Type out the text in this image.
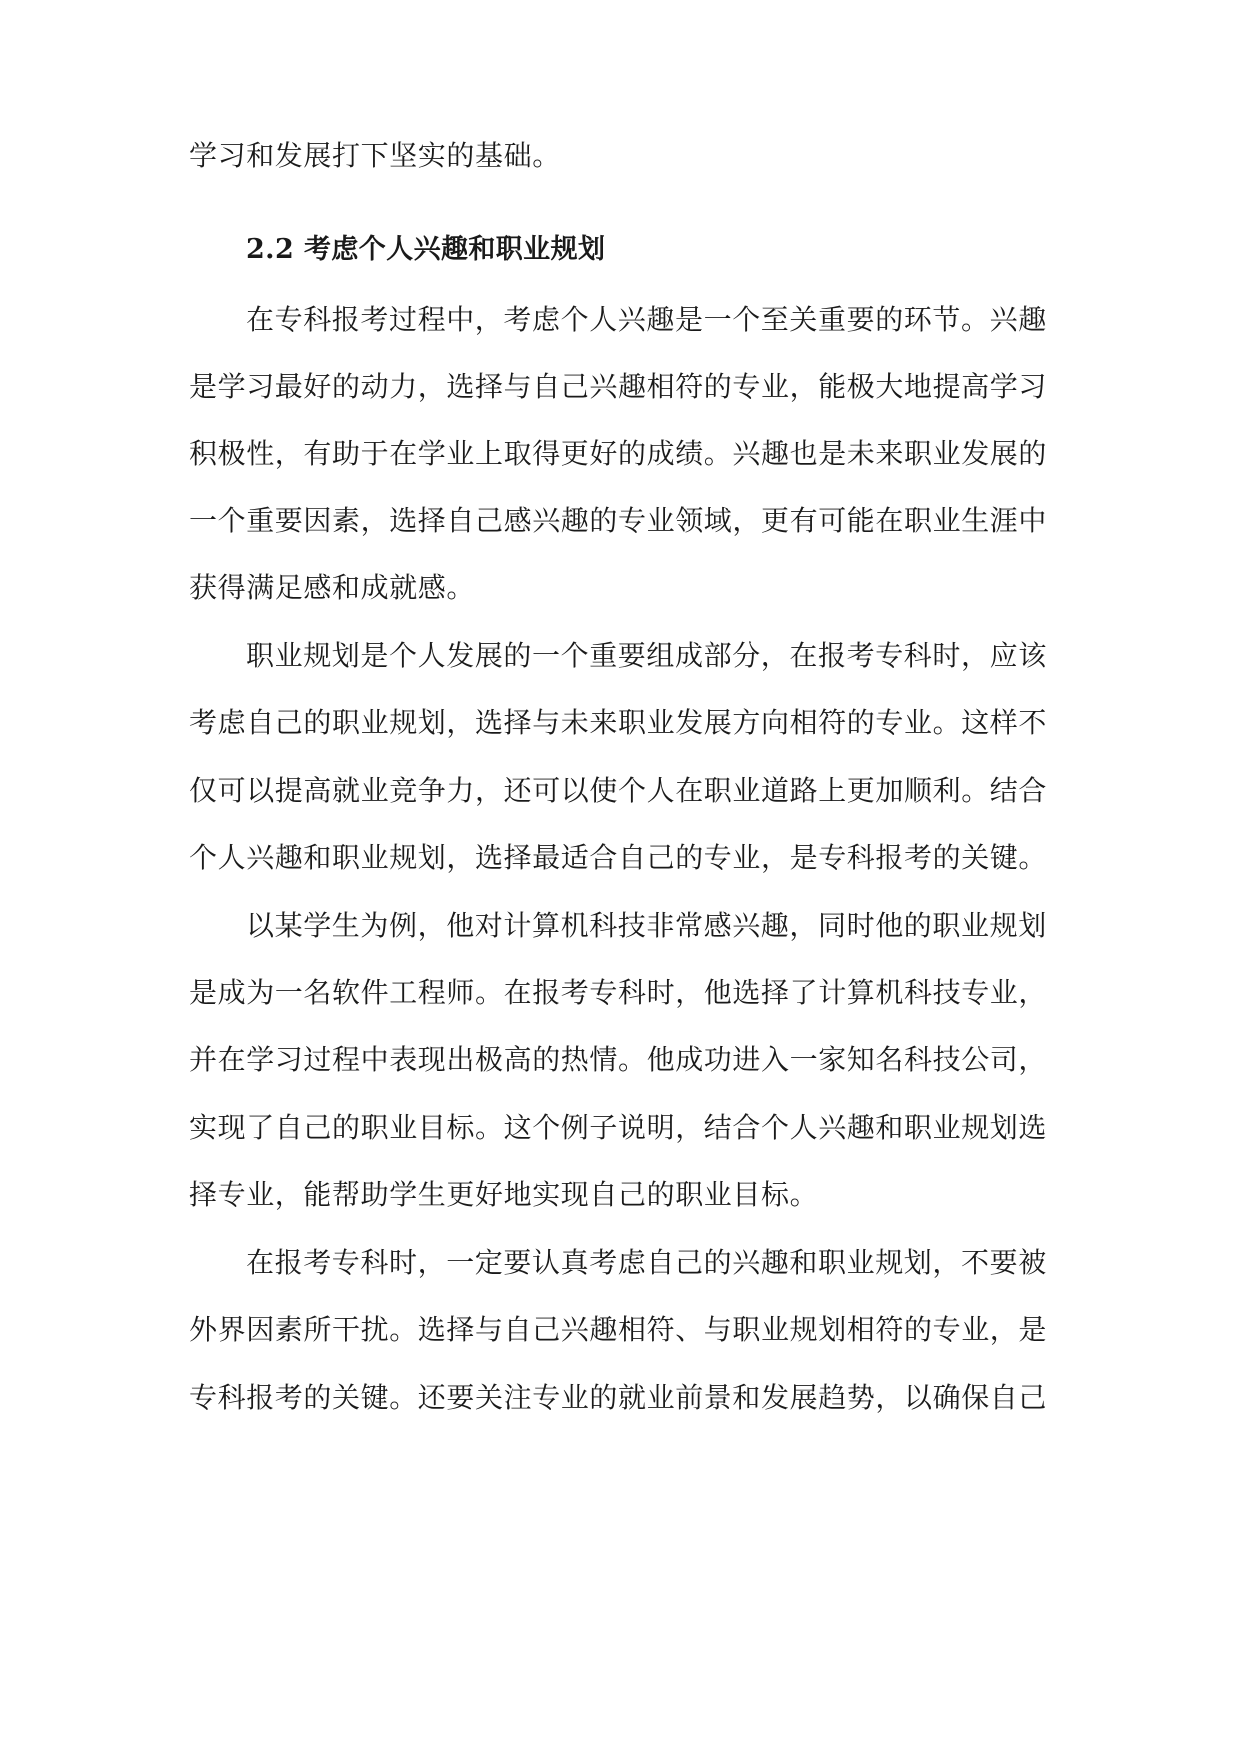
学习和发展打下坚实的基础。
2.2 考虑个人兴趣和职业规划
在专科报考过程中，考虑个人兴趣是一个至关重要的环节。兴趣
是学习最好的动力，选择与自己兴趣相符的专业，能极大地提高学习
积极性，有助于在学业上取得更好的成绩。兴趣也是未来职业发展的
一个重要因素，选择自己感兴趣的专业领域，更有可能在职业生涯中
获得满足感和成就感。
职业规划是个人发展的一个重要组成部分，在报考专科时，应该
考虑自己的职业规划，选择与未来职业发展方向相符的专业。这样不
仅可以提高就业竞争力，还可以使个人在职业道路上更加顺利。结合
个人兴趣和职业规划，选择最适合自己的专业，是专科报考的关键。
以某学生为例，他对计算机科技非常感兴趣，同时他的职业规划
是成为一名软件工程师。在报考专科时，他选择了计算机科技专业，
并在学习过程中表现出极高的热情。他成功进入一家知名科技公司，
实现了自己的职业目标。这个例子说明，结合个人兴趣和职业规划选
择专业，能帮助学生更好地实现自己的职业目标。
在报考专科时，一定要认真考虑自己的兴趣和职业规划，不要被
外界因素所干扰。选择与自己兴趣相符、与职业规划相符的专业，是
专科报考的关键。还要关注专业的就业前景和发展趋势，以确保自己
